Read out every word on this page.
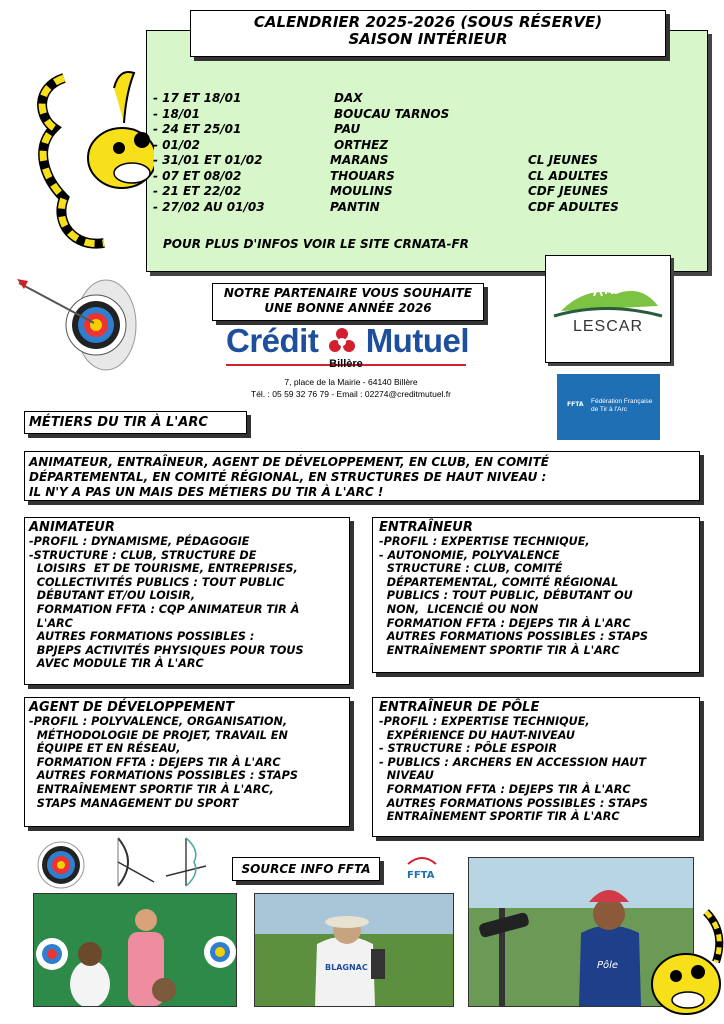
CALENDRIER 2025-2026 (SOUS RÉSERVE)
SAISON INTÉRIEUR
- 17 ET 18/01	DAX
- 18/01	BOUCAU TARNOS
- 24 ET 25/01	PAU
- 01/02	ORTHEZ
- 31/01 ET 01/02	MARANS	CL JEUNES
- 07 ET 08/02	THOUARS	CL ADULTES
- 21 ET 22/02	MOULINS	CDF JEUNES
- 27/02 AU 01/03	PANTIN	CDF ADULTES
POUR PLUS D'INFOS VOIR LE SITE CRNATA-FR
NOTRE PARTENAIRE VOUS SOUHAITE
UNE BONNE ANNÉE 2026
Crédit Mutuel
Billère
7, place de la Mairie - 64140 Billère
Tél. : 05 59 32 76 79 - Email : 02274@creditmutuel.fr
LESCAR
FFTA Fédération Française
de Tir à l'Arc
MÉTIERS DU TIR À L'ARC
ANIMATEUR, ENTRAÎNEUR, AGENT DE DÉVELOPPEMENT, EN CLUB, EN COMITÉ
DÉPARTEMENTAL, EN COMITÉ RÉGIONAL, EN STRUCTURES DE HAUT NIVEAU :
IL N'Y A PAS UN MAIS DES MÉTIERS DU TIR À L'ARC !
ANIMATEUR
-PROFIL : DYNAMISME, PÉDAGOGIE
-STRUCTURE : CLUB, STRUCTURE DE
LOISIRS  ET DE TOURISME, ENTREPRISES,
COLLECTIVITÉS PUBLICS : TOUT PUBLIC
DÉBUTANT ET/OU LOISIR,
FORMATION FFTA : CQP ANIMATEUR TIR À
L'ARC
AUTRES FORMATIONS POSSIBLES :
BPJEPS ACTIVITÉS PHYSIQUES POUR TOUS
AVEC MODULE TIR À L'ARC
ENTRAÎNEUR
-PROFIL : EXPERTISE TECHNIQUE,
- AUTONOMIE, POLYVALENCE
STRUCTURE : CLUB, COMITÉ
DÉPARTEMENTAL, COMITÉ RÉGIONAL
PUBLICS : TOUT PUBLIC, DÉBUTANT OU
NON,  LICENCIÉ OU NON
FORMATION FFTA : DEJEPS TIR À L'ARC
AUTRES FORMATIONS POSSIBLES : STAPS
ENTRAÎNEMENT SPORTIF TIR À L'ARC
AGENT DE DÉVELOPPEMENT
-PROFIL : POLYVALENCE, ORGANISATION,
MÉTHODOLOGIE DE PROJET, TRAVAIL EN
ÉQUIPE ET EN RÉSEAU,
FORMATION FFTA : DEJEPS TIR À L'ARC
AUTRES FORMATIONS POSSIBLES : STAPS
ENTRAÎNEMENT SPORTIF TIR À L'ARC,
STAPS MANAGEMENT DU SPORT
ENTRAÎNEUR DE PÔLE
-PROFIL : EXPERTISE TECHNIQUE,
EXPÉRIENCE DU HAUT-NIVEAU
- STRUCTURE : PÔLE ESPOIR
- PUBLICS : ARCHERS EN ACCESSION HAUT
NIVEAU
FORMATION FFTA : DEJEPS TIR À L'ARC
AUTRES FORMATIONS POSSIBLES : STAPS
ENTRAÎNEMENT SPORTIF TIR À L'ARC
SOURCE INFO FFTA	FFTA
BLAGNAC	Pôle
